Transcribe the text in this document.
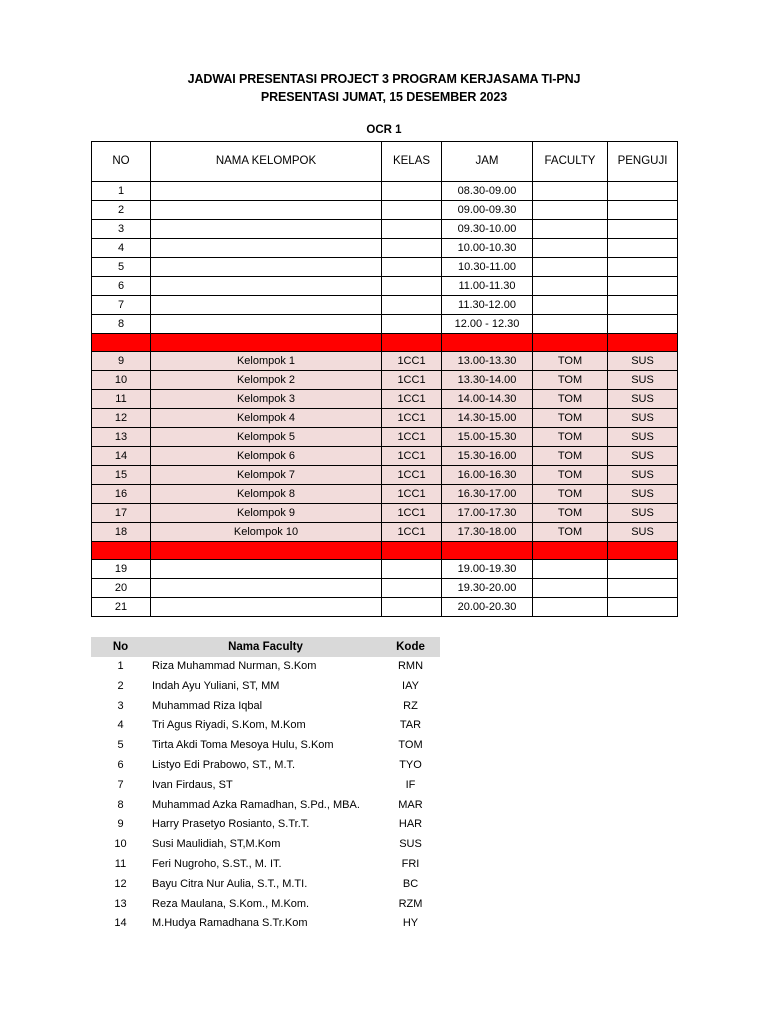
JADWAI PRESENTASI PROJECT 3 PROGRAM KERJASAMA TI-PNJ
PRESENTASI JUMAT, 15 DESEMBER 2023
OCR 1
NO	NAMA KELOMPOK	KELAS	JAM	FACULTY	PENGUJI
1			08.30-09.00		
2			09.00-09.30		
3			09.30-10.00		
4			10.00-10.30		
5			10.30-11.00		
6			11.00-11.30		
7			11.30-12.00		
8			12.00 - 12.30		

9	Kelompok 1	1CC1	13.00-13.30	TOM	SUS
10	Kelompok 2	1CC1	13.30-14.00	TOM	SUS
11	Kelompok 3	1CC1	14.00-14.30	TOM	SUS
12	Kelompok 4	1CC1	14.30-15.00	TOM	SUS
13	Kelompok 5	1CC1	15.00-15.30	TOM	SUS
14	Kelompok 6	1CC1	15.30-16.00	TOM	SUS
15	Kelompok 7	1CC1	16.00-16.30	TOM	SUS
16	Kelompok 8	1CC1	16.30-17.00	TOM	SUS
17	Kelompok 9	1CC1	17.00-17.30	TOM	SUS
18	Kelompok 10	1CC1	17.30-18.00	TOM	SUS

19			19.00-19.30		
20			19.30-20.00		
21			20.00-20.30		
No	Nama Faculty	Kode
1	Riza Muhammad Nurman, S.Kom	RMN
2	Indah Ayu Yuliani, ST, MM	IAY
3	Muhammad Riza Iqbal	RZ
4	Tri Agus Riyadi, S.Kom, M.Kom	TAR
5	Tirta Akdi Toma Mesoya Hulu, S.Kom	TOM
6	Listyo Edi Prabowo, ST., M.T.	TYO
7	Ivan Firdaus, ST	IF
8	Muhammad Azka Ramadhan, S.Pd., MBA.	MAR
9	Harry Prasetyo Rosianto, S.Tr.T.	HAR
10	Susi Maulidiah, ST,M.Kom	SUS
11	Feri Nugroho, S.ST., M. IT.	FRI
12	Bayu Citra Nur Aulia, S.T., M.TI.	BC
13	Reza Maulana, S.Kom., M.Kom.	RZM
14	M.Hudya Ramadhana S.Tr.Kom	HY
